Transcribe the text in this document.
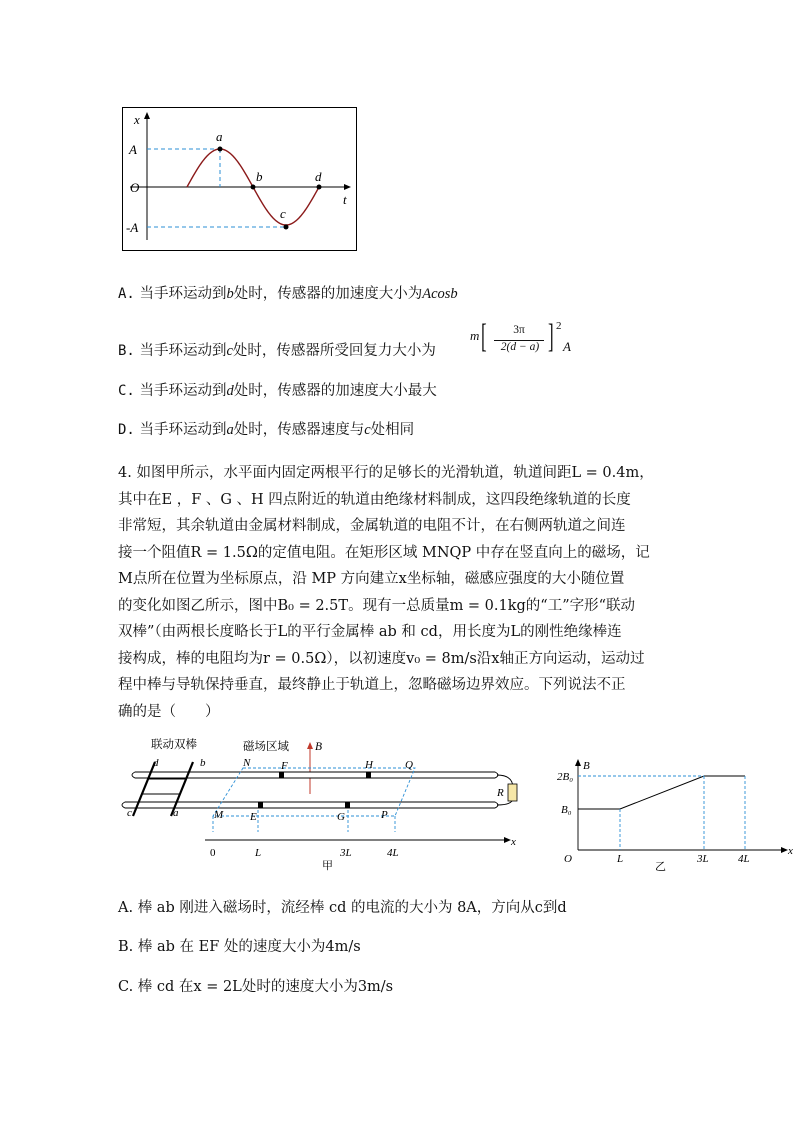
x
t
O
A
-A
a
b
c
d
A. 当手环运动到b处时，传感器的加速度大小为Acosb
B. 当手环运动到c处时，传感器所受回复力大小为
m [	3π
2(d − a) ] 2
A
C. 当手环运动到d处时，传感器的加速度大小最大
D. 当手环运动到a处时，传感器速度与c处相同
4. 如图甲所示，水平面内固定两根平行的足够长的光滑轨道，轨道间距L = 0.4m，
其中在E ，F 、G 、H 四点附近的轨道由绝缘材料制成，这四段绝缘轨道的长度
非常短，其余轨道由金属材料制成，金属轨道的电阻不计，在右侧两轨道之间连
接一个阻值R = 1.5Ω的定值电阻。在矩形区域 MNQP 中存在竖直向上的磁场，记
M点所在位置为坐标原点，沿 MP 方向建立x坐标轴，磁感应强度的大小随位置
的变化如图乙所示，图中B₀ = 2.5T。现有一总质量m = 0.1kg的“工”字形“联动
双棒”（由两根长度略长于L的平行金属棒 ab 和 cd，用长度为L的刚性绝缘棒连
接构成，棒的电阻均为r = 0.5Ω），以初速度v₀ = 8m/s沿x轴正方向运动，运动过
程中棒与导轨保持垂直，最终静止于轨道上，忽略磁场边界效应。下列说法不正
确的是（　　）
联动双棒	磁场区域 B
R
d	b
c	a
N	F	H	Q
M E	G	P
x
0	L	3L	4L
甲
B
x
2B₀
B₀
O	L	3L	4L
乙
A. 棒 ab 刚进入磁场时，流经棒 cd 的电流的大小为 8A，方向从c到d
B. 棒 ab 在 EF 处的速度大小为4m/s
C. 棒 cd 在x = 2L处时的速度大小为3m/s
